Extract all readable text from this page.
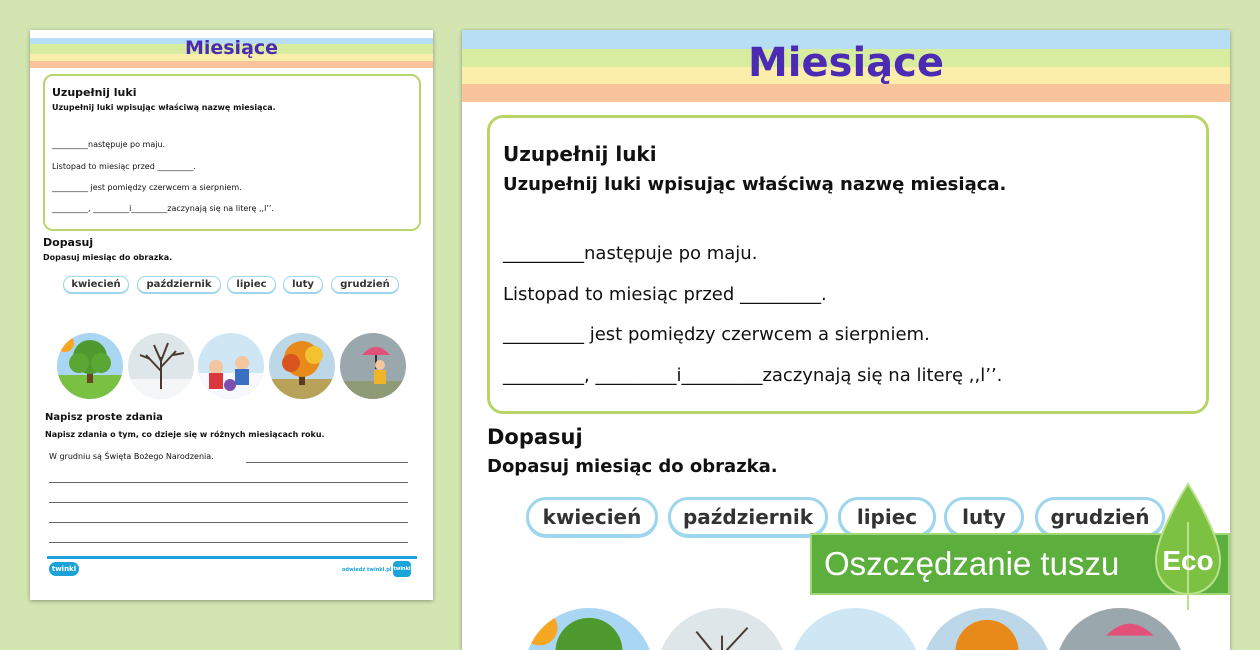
Miesiące
Uzupełnij luki
Uzupełnij luki wpisując właściwą nazwę miesiąca.
_________następuje po maju.
Listopad to miesiąc przed _________.
_________ jest pomiędzy czerwcem a sierpniem.
_________, _________i_________zaczynają się na literę ,,l’’.
Dopasuj
Dopasuj miesiąc do obrazka.
kwiecień	październik	lipiec	luty	grudzień
Napisz proste zdania
Napisz zdania o tym, co dzieje się w różnych miesiącach roku.
W grudniu są Święta Bożego Narodzenia.
twinkl	odwiedź twinkl.pl twinkl
Miesiące
Uzupełnij luki
Uzupełnij luki wpisując właściwą nazwę miesiąca.
_________następuje po maju.
Listopad to miesiąc przed _________.
_________ jest pomiędzy czerwcem a sierpniem.
_________, _________i_________zaczynają się na literę ,,l’’.
Dopasuj
Dopasuj miesiąc do obrazka.
kwiecień	październik	lipiec	luty	grudzień
Oszczędzanie tuszu Eco
